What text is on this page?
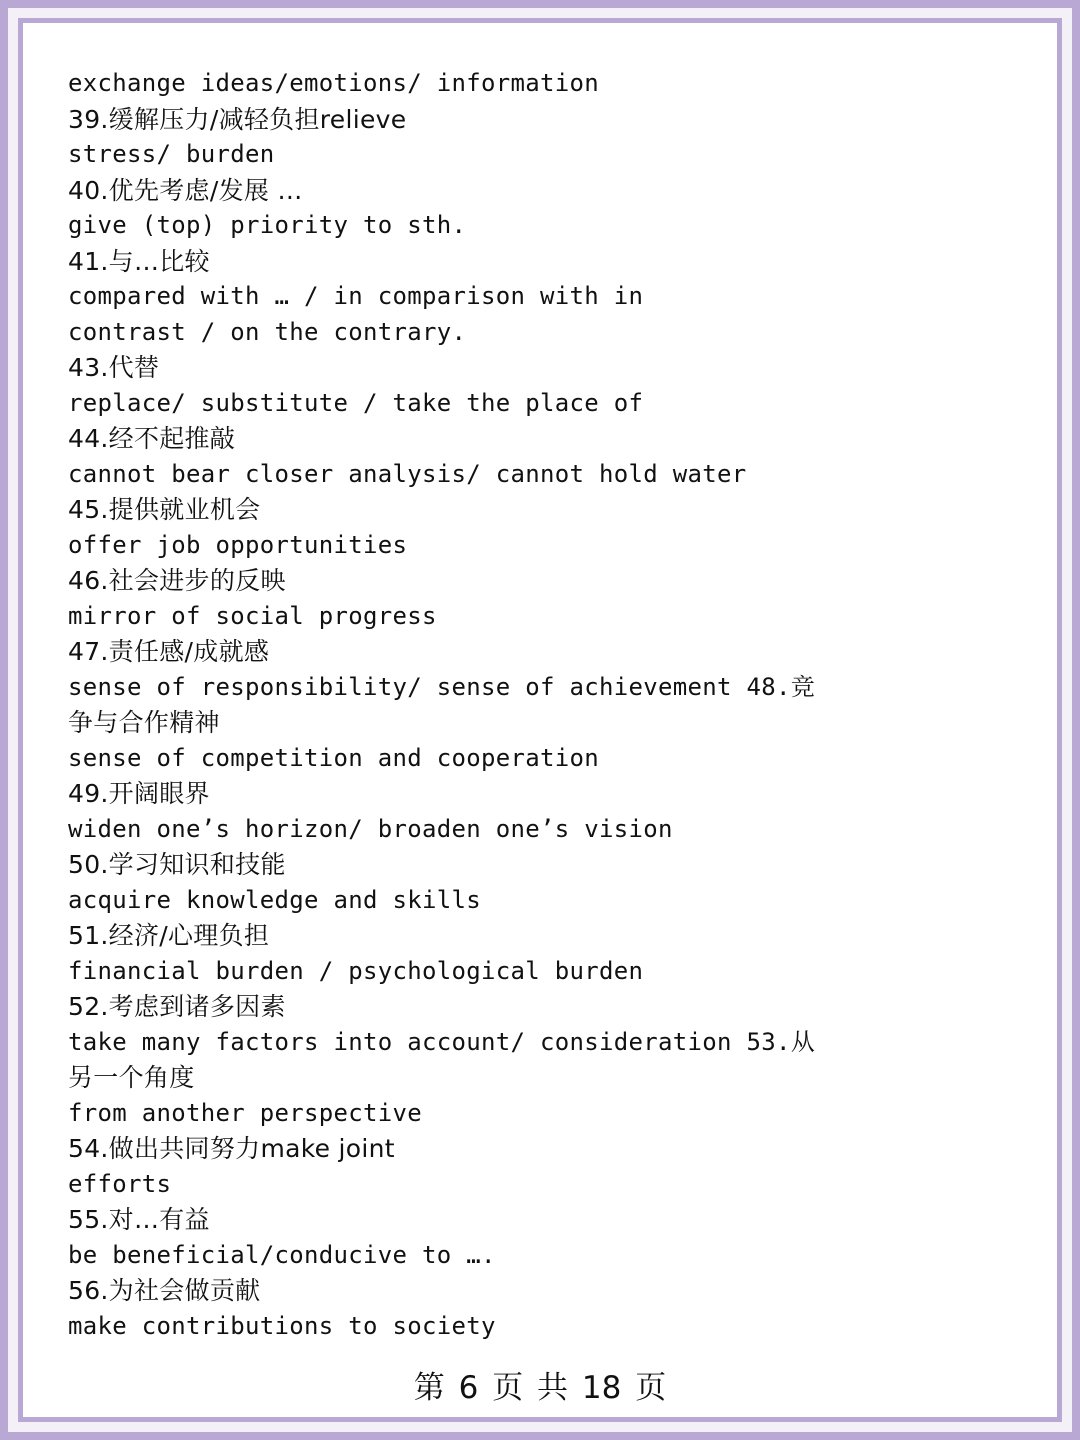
exchange ideas/emotions/ information
39.缓解压力/减轻负担relieve
stress/ burden
40.优先考虑/发展 …
give (top) priority to sth.
41.与…比较
compared with … / in comparison with in
contrast / on the contrary.
43.代替
replace/ substitute / take the place of
44.经不起推敲
cannot bear closer analysis/ cannot hold water
45.提供就业机会
offer job opportunities
46.社会进步的反映
mirror of social progress
47.责任感/成就感
sense of responsibility/ sense of achievement 48.竞
争与合作精神
sense of competition and cooperation
49.开阔眼界
widen one’s horizon/ broaden one’s vision
50.学习知识和技能
acquire knowledge and skills
51.经济/心理负担
financial burden / psychological burden
52.考虑到诸多因素
take many factors into account/ consideration 53.从
另一个角度
from another perspective
54.做出共同努力make joint
efforts
55.对…有益
be beneficial/conducive to ….
56.为社会做贡献
make contributions to society
第 6 页 共 18 页
